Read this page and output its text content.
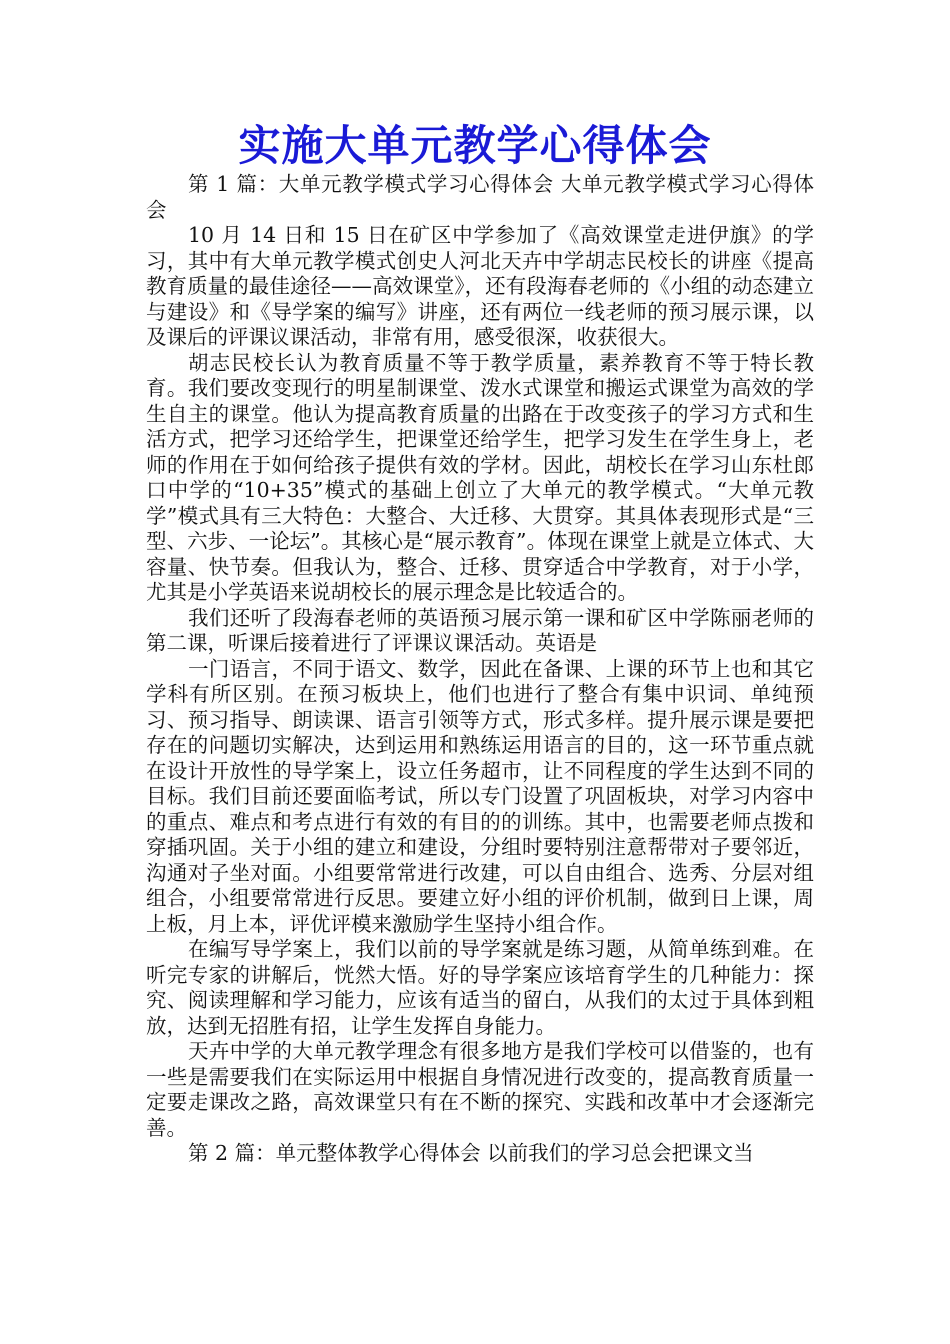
实施大单元教学心得体会

第 1 篇：大单元教学模式学习心得体会 大单元教学模式学习心得体会

10 月 14 日和 15 日在矿区中学参加了《高效课堂走进伊旗》的学习，其中有大单元教学模式创史人河北天卉中学胡志民校长的讲座《提高教育质量的最佳途径——高效课堂》，还有段海春老师的《小组的动态建立与建设》和《导学案的编写》讲座，还有两位一线老师的预习展示课，以及课后的评课议课活动，非常有用，感受很深，收获很大。

胡志民校长认为教育质量不等于教学质量，素养教育不等于特长教育。我们要改变现行的明星制课堂、泼水式课堂和搬运式课堂为高效的学生自主的课堂。他认为提高教育质量的出路在于改变孩子的学习方式和生活方式，把学习还给学生，把课堂还给学生，把学习发生在学生身上，老师的作用在于如何给孩子提供有效的学材。因此，胡校长在学习山东杜郎口中学的“10+35”模式的基础上创立了大单元的教学模式。“大单元教学”模式具有三大特色：大整合、大迁移、大贯穿。其具体表现形式是“三型、六步、一论坛”。其核心是“展示教育”。体现在课堂上就是立体式、大容量、快节奏。但我认为，整合、迁移、贯穿适合中学教育，对于小学，尤其是小学英语来说胡校长的展示理念是比较适合的。

我们还听了段海春老师的英语预习展示第一课和矿区中学陈丽老师的第二课，听课后接着进行了评课议课活动。英语是

一门语言，不同于语文、数学，因此在备课、上课的环节上也和其它学科有所区别。在预习板块上，他们也进行了整合有集中识词、单纯预习、预习指导、朗读课、语言引领等方式，形式多样。提升展示课是要把存在的问题切实解决，达到运用和熟练运用语言的目的，这一环节重点就在设计开放性的导学案上，设立任务超市，让不同程度的学生达到不同的目标。我们目前还要面临考试，所以专门设置了巩固板块，对学习内容中的重点、难点和考点进行有效的有目的的训练。其中，也需要老师点拨和穿插巩固。关于小组的建立和建设，分组时要特别注意帮带对子要邻近，沟通对子坐对面。小组要常常进行改建，可以自由组合、选秀、分层对组组合，小组要常常进行反思。要建立好小组的评价机制，做到日上课，周上板，月上本，评优评模来激励学生坚持小组合作。

在编写导学案上，我们以前的导学案就是练习题，从简单练到难。在听完专家的讲解后，恍然大悟。好的导学案应该培育学生的几种能力：探究、阅读理解和学习能力，应该有适当的留白，从我们的太过于具体到粗放，达到无招胜有招，让学生发挥自身能力。

天卉中学的大单元教学理念有很多地方是我们学校可以借鉴的，也有一些是需要我们在实际运用中根据自身情况进行改变的，提高教育质量一定要走课改之路，高效课堂只有在不断的探究、实践和改革中才会逐渐完善。

第 2 篇：单元整体教学心得体会 以前我们的学习总会把课文当
